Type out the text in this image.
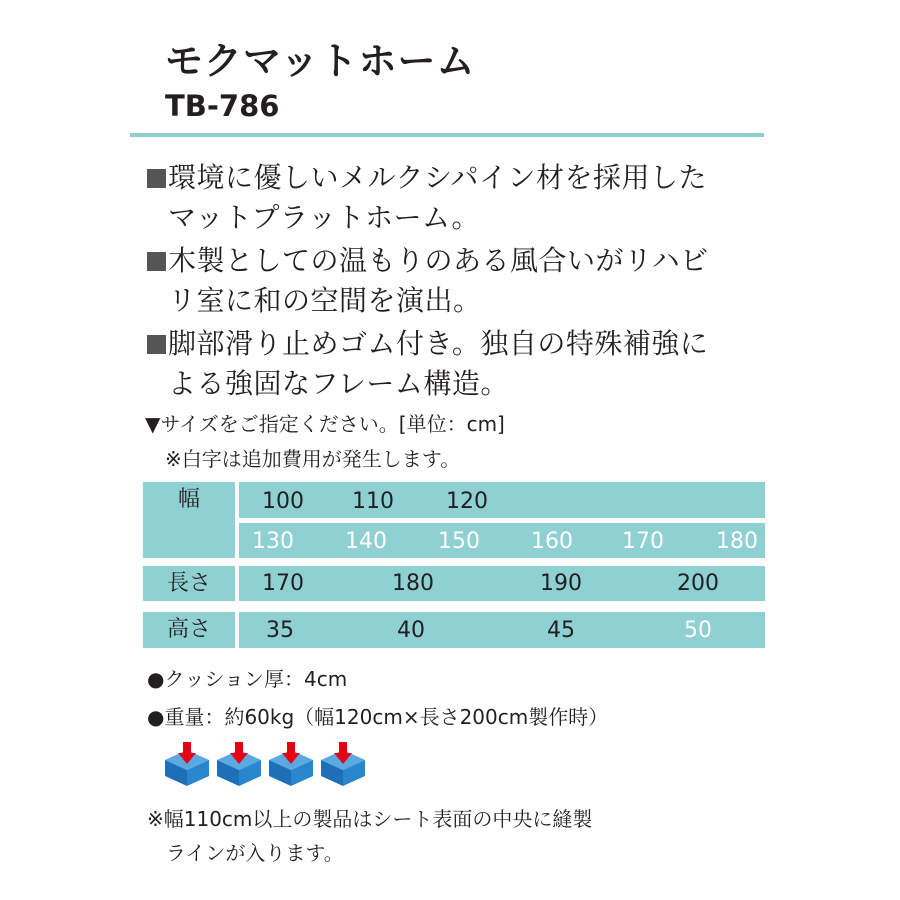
モクマットホーム
TB-786
環境に優しいメルクシパイン材を採用した
マットプラットホーム。
木製としての温もりのある風合いがリハビ
リ室に和の空間を演出。
脚部滑り止めゴム付き。独自の特殊補強に
よる強固なフレーム構造。
▼サイズをご指定ください。[単位：cm]
※白字は追加費用が発生します。
幅	100	110	120
130	140	150	160	170	180
長さ	170	180	190	200
高さ	35	40	45	50
●クッション厚：4cm
●重量：約60kg（幅120cm×長さ200cm製作時）
※幅110cm以上の製品はシート表面の中央に縫製
ラインが入ります。
